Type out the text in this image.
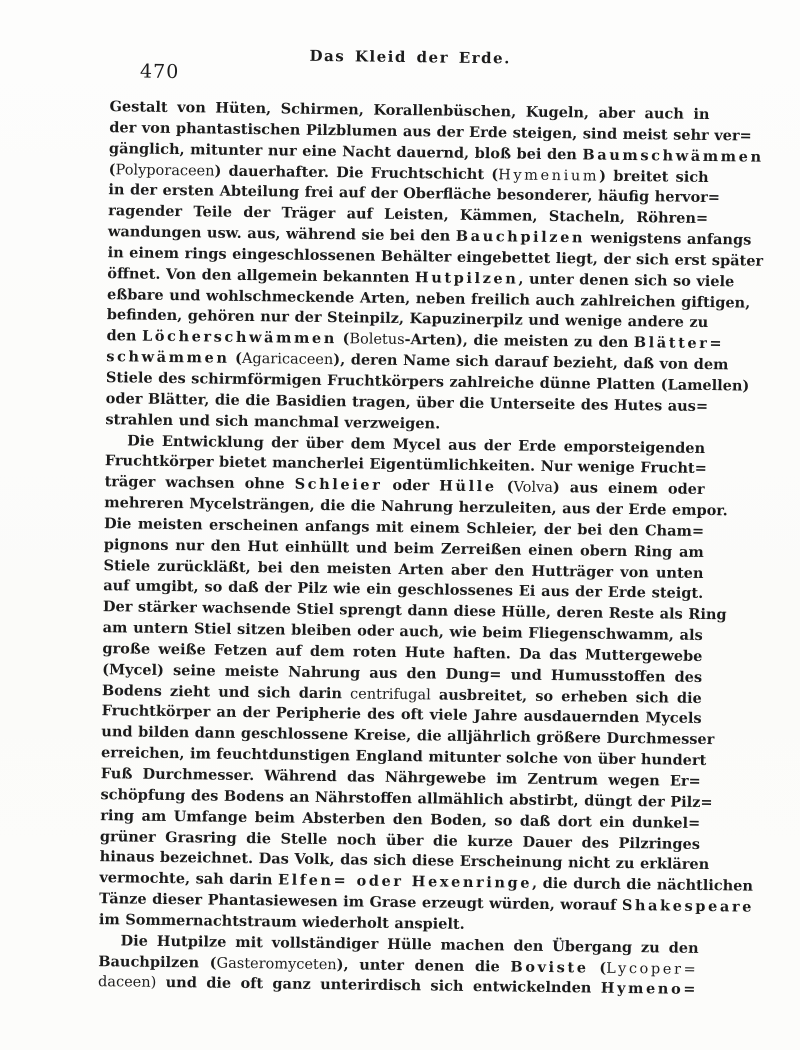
Das Kleid der Erde.
470
Gestalt von Hüten, Schirmen, Korallenbüschen, Kugeln, aber auch in
der von phantastischen Pilzblumen aus der Erde steigen, sind meist sehr ver=
gänglich, mitunter nur eine Nacht dauernd, bloß bei den Baumschwämmen
(Polyporaceen) dauerhafter. Die Fruchtschicht (Hymenium) breitet sich
in der ersten Abteilung frei auf der Oberfläche besonderer, häufig hervor=
ragender Teile der Träger auf Leisten, Kämmen, Stacheln, Röhren=
wandungen usw. aus, während sie bei den Bauchpilzen wenigstens anfangs
in einem rings eingeschlossenen Behälter eingebettet liegt, der sich erst später
öffnet. Von den allgemein bekannten Hutpilzen, unter denen sich so viele
eßbare und wohlschmeckende Arten, neben freilich auch zahlreichen giftigen,
befinden, gehören nur der Steinpilz, Kapuzinerpilz und wenige andere zu
den Löcherschwämmen (Boletus-Arten), die meisten zu den Blätter=
schwämmen (Agaricaceen), deren Name sich darauf bezieht, daß von dem
Stiele des schirmförmigen Fruchtkörpers zahlreiche dünne Platten (Lamellen)
oder Blätter, die die Basidien tragen, über die Unterseite des Hutes aus=
strahlen und sich manchmal verzweigen.
Die Entwicklung der über dem Mycel aus der Erde emporsteigenden
Fruchtkörper bietet mancherlei Eigentümlichkeiten. Nur wenige Frucht=
träger wachsen ohne Schleier oder Hülle (Volva) aus einem oder
mehreren Mycelsträngen, die die Nahrung herzuleiten, aus der Erde empor.
Die meisten erscheinen anfangs mit einem Schleier, der bei den Cham=
pignons nur den Hut einhüllt und beim Zerreißen einen obern Ring am
Stiele zurückläßt, bei den meisten Arten aber den Hutträger von unten
auf umgibt, so daß der Pilz wie ein geschlossenes Ei aus der Erde steigt.
Der stärker wachsende Stiel sprengt dann diese Hülle, deren Reste als Ring
am untern Stiel sitzen bleiben oder auch, wie beim Fliegenschwamm, als
große weiße Fetzen auf dem roten Hute haften. Da das Muttergewebe
(Mycel) seine meiste Nahrung aus den Dung= und Humusstoffen des
Bodens zieht und sich darin centrifugal ausbreitet, so erheben sich die
Fruchtkörper an der Peripherie des oft viele Jahre ausdauernden Mycels
und bilden dann geschlossene Kreise, die alljährlich größere Durchmesser
erreichen, im feuchtdunstigen England mitunter solche von über hundert
Fuß Durchmesser. Während das Nährgewebe im Zentrum wegen Er=
schöpfung des Bodens an Nährstoffen allmählich abstirbt, düngt der Pilz=
ring am Umfange beim Absterben den Boden, so daß dort ein dunkel=
grüner Grasring die Stelle noch über die kurze Dauer des Pilzringes
hinaus bezeichnet. Das Volk, das sich diese Erscheinung nicht zu erklären
vermochte, sah darin Elfen= oder Hexenringe, die durch die nächtlichen
Tänze dieser Phantasiewesen im Grase erzeugt würden, worauf Shakespeare
im Sommernachtstraum wiederholt anspielt.
Die Hutpilze mit vollständiger Hülle machen den Übergang zu den
Bauchpilzen (Gasteromyceten), unter denen die Boviste (Lycoper=
daceen) und die oft ganz unterirdisch sich entwickelnden Hymeno=
